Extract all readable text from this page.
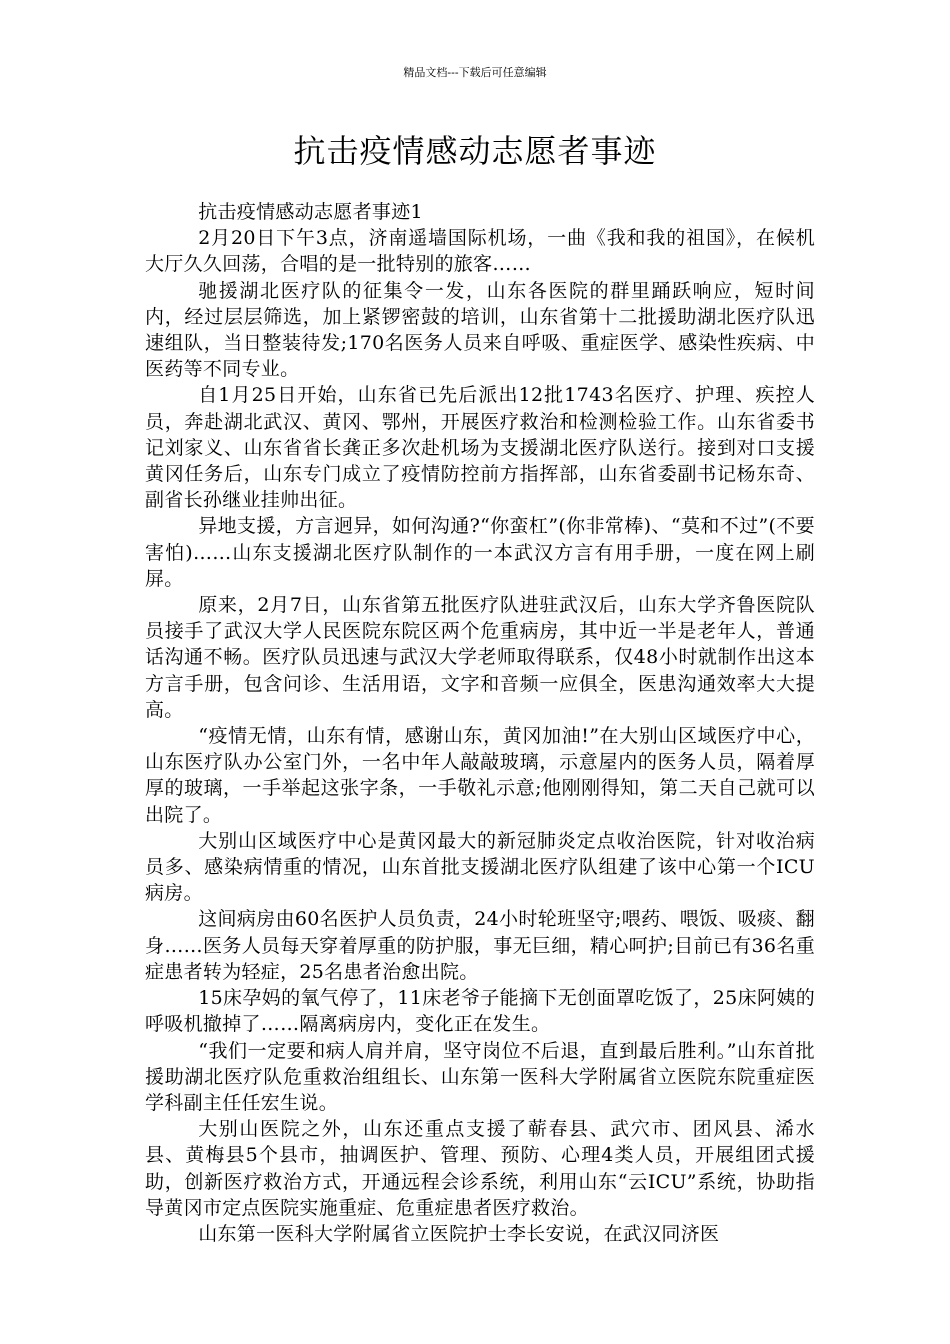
精品文档---下载后可任意编辑
抗击疫情感动志愿者事迹

抗击疫情感动志愿者事迹1

2月20日下午3点，济南遥墙国际机场，一曲《我和我的祖国》，在候机大厅久久回荡，合唱的是一批特别的旅客……

驰援湖北医疗队的征集令一发，山东各医院的群里踊跃响应，短时间内，经过层层筛选，加上紧锣密鼓的培训，山东省第十二批援助湖北医疗队迅速组队，当日整装待发;170名医务人员来自呼吸、重症医学、感染性疾病、中医药等不同专业。

自1月25日开始，山东省已先后派出12批1743名医疗、护理、疾控人员，奔赴湖北武汉、黄冈、鄂州，开展医疗救治和检测检验工作。山东省委书记刘家义、山东省省长龚正多次赴机场为支援湖北医疗队送行。接到对口支援黄冈任务后，山东专门成立了疫情防控前方指挥部，山东省委副书记杨东奇、副省长孙继业挂帅出征。

异地支援，方言迥异，如何沟通?“你蛮杠”(你非常棒)、“莫和不过”(不要害怕)……山东支援湖北医疗队制作的一本武汉方言有用手册，一度在网上刷屏。

原来，2月7日，山东省第五批医疗队进驻武汉后，山东大学齐鲁医院队员接手了武汉大学人民医院东院区两个危重病房，其中近一半是老年人，普通话沟通不畅。医疗队员迅速与武汉大学老师取得联系，仅48小时就制作出这本方言手册，包含问诊、生活用语，文字和音频一应俱全，医患沟通效率大大提高。

“疫情无情，山东有情，感谢山东，黄冈加油!”在大别山区域医疗中心，山东医疗队办公室门外，一名中年人敲敲玻璃，示意屋内的医务人员，隔着厚厚的玻璃，一手举起这张字条，一手敬礼示意;他刚刚得知，第二天自己就可以出院了。

大别山区域医疗中心是黄冈最大的新冠肺炎定点收治医院，针对收治病员多、感染病情重的情况，山东首批支援湖北医疗队组建了该中心第一个ICU病房。

这间病房由60名医护人员负责，24小时轮班坚守;喂药、喂饭、吸痰、翻身……医务人员每天穿着厚重的防护服，事无巨细，精心呵护;目前已有36名重症患者转为轻症，25名患者治愈出院。

15床孕妈的氧气停了，11床老爷子能摘下无创面罩吃饭了，25床阿姨的呼吸机撤掉了……隔离病房内，变化正在发生。

“我们一定要和病人肩并肩，坚守岗位不后退，直到最后胜利。”山东首批援助湖北医疗队危重救治组组长、山东第一医科大学附属省立医院东院重症医学科副主任任宏生说。

大别山医院之外，山东还重点支援了蕲春县、武穴市、团风县、浠水县、黄梅县5个县市，抽调医护、管理、预防、心理4类人员，开展组团式援助，创新医疗救治方式，开通远程会诊系统，利用山东“云ICU”系统，协助指导黄冈市定点医院实施重症、危重症患者医疗救治。

山东第一医科大学附属省立医院护士李长安说，在武汉同济医
